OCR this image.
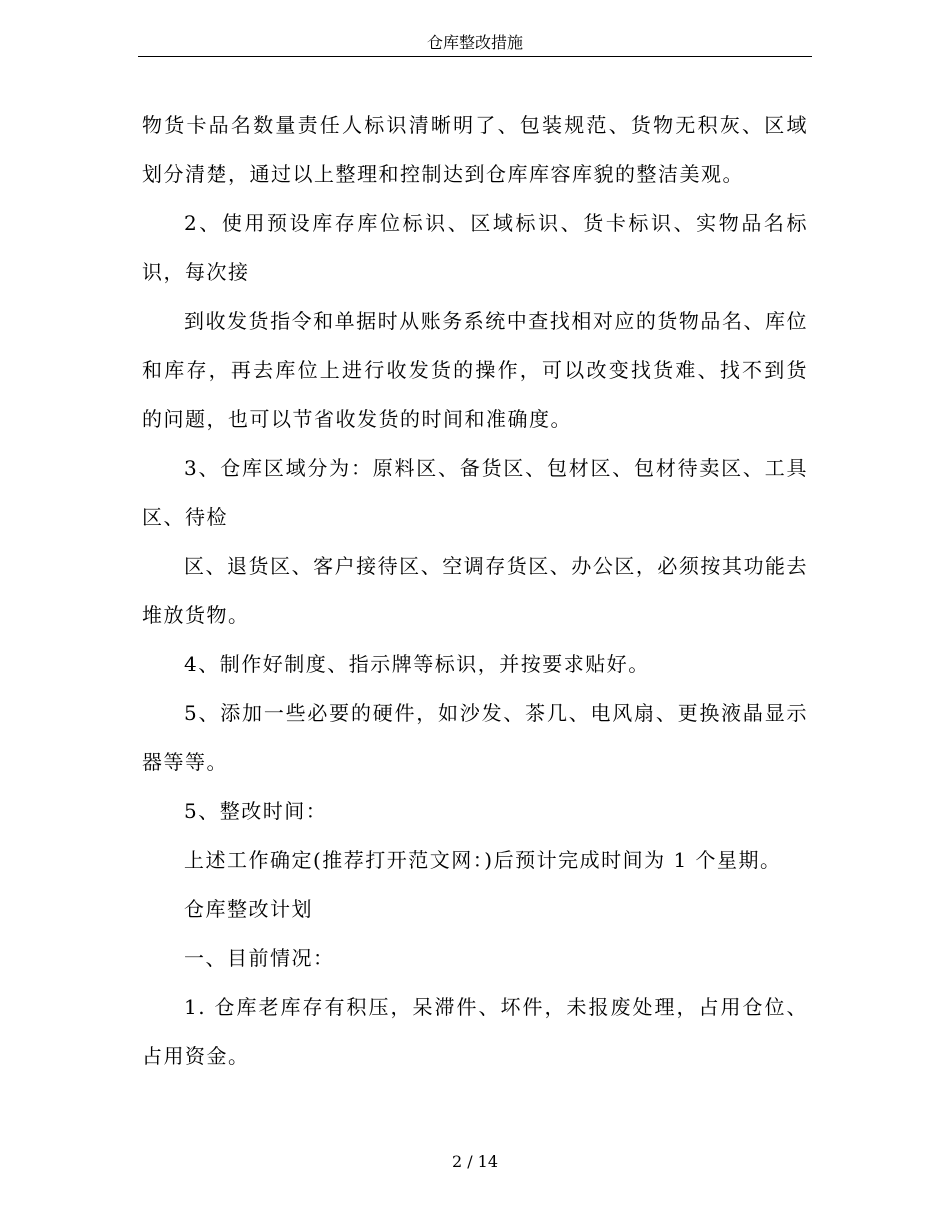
仓库整改措施

物货卡品名数量责任人标识清晰明了、包装规范、货物无积灰、区域划分清楚，通过以上整理和控制达到仓库库容库貌的整洁美观。

2、使用预设库存库位标识、区域标识、货卡标识、实物品名标识，每次接

到收发货指令和单据时从账务系统中查找相对应的货物品名、库位和库存，再去库位上进行收发货的操作，可以改变找货难、找不到货的问题，也可以节省收发货的时间和准确度。

3、仓库区域分为：原料区、备货区、包材区、包材待卖区、工具区、待检

区、退货区、客户接待区、空调存货区、办公区，必须按其功能去堆放货物。

4、制作好制度、指示牌等标识，并按要求贴好。

5、添加一些必要的硬件，如沙发、茶几、电风扇、更换液晶显示器等等。

5、整改时间：

上述工作确定(推荐打开范文网：)后预计完成时间为 1 个星期。

仓库整改计划

一、目前情况：

1. 仓库老库存有积压，呆滞件、坏件，未报废处理，占用仓位、占用资金。

2 / 14
